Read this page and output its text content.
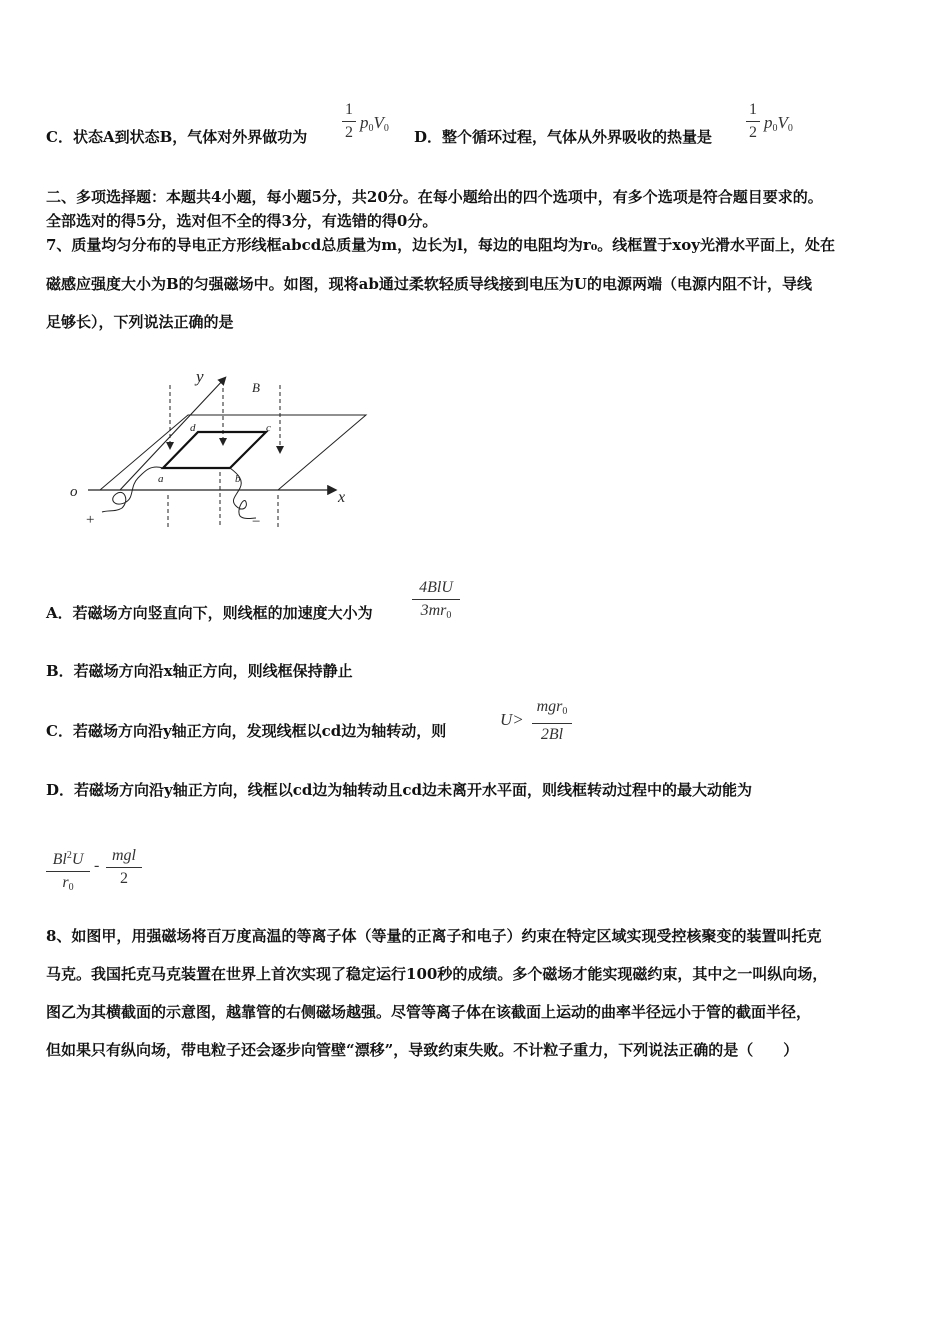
C．状态A到状态B，气体对外界做功为
1
2
$p_0V_0$ D．整个循环过程，气体从外界吸收的热量是
1
2
$p_0V_0$
二、多项选择题：本题共4小题，每小题5分，共20分。在每小题给出的四个选项中，有多个选项是符合题目要求的。
全部选对的得5分，选对但不全的得3分，有选错的得0分。
7、质量均匀分布的导电正方形线框abcd总质量为m，边长为l，每边的电阻均为r₀。线框置于xoy光滑水平面上，处在
磁感应强度大小为B的匀强磁场中。如图，现将ab通过柔软轻质导线接到电压为U的电源两端（电源内阻不计，导线
足够长），下列说法正确的是
y
B
o	x
a	b
c
d
+	−
A．若磁场方向竖直向下，则线框的加速度大小为
4BlU
$3mr_0$
B．若磁场方向沿x轴正方向，则线框保持静止
C．若磁场方向沿y轴正方向，发现线框以cd边为轴转动，则
U>
mgr$_0$
2Bl
D．若磁场方向沿y轴正方向，线框以cd边为轴转动且cd边未离开水平面，则线框转动过程中的最大动能为
Bl$^2$U
$r_0$
-
mgl
2
8、如图甲，用强磁场将百万度高温的等离子体（等量的正离子和电子）约束在特定区域实现受控核聚变的装置叫托克
马克。我国托克马克装置在世界上首次实现了稳定运行100秒的成绩。多个磁场才能实现磁约束，其中之一叫纵向场，
图乙为其横截面的示意图，越靠管的右侧磁场越强。尽管等离子体在该截面上运动的曲率半径远小于管的截面半径，
但如果只有纵向场，带电粒子还会逐步向管壁“漂移”，导致约束失败。不计粒子重力，下列说法正确的是（　　）
